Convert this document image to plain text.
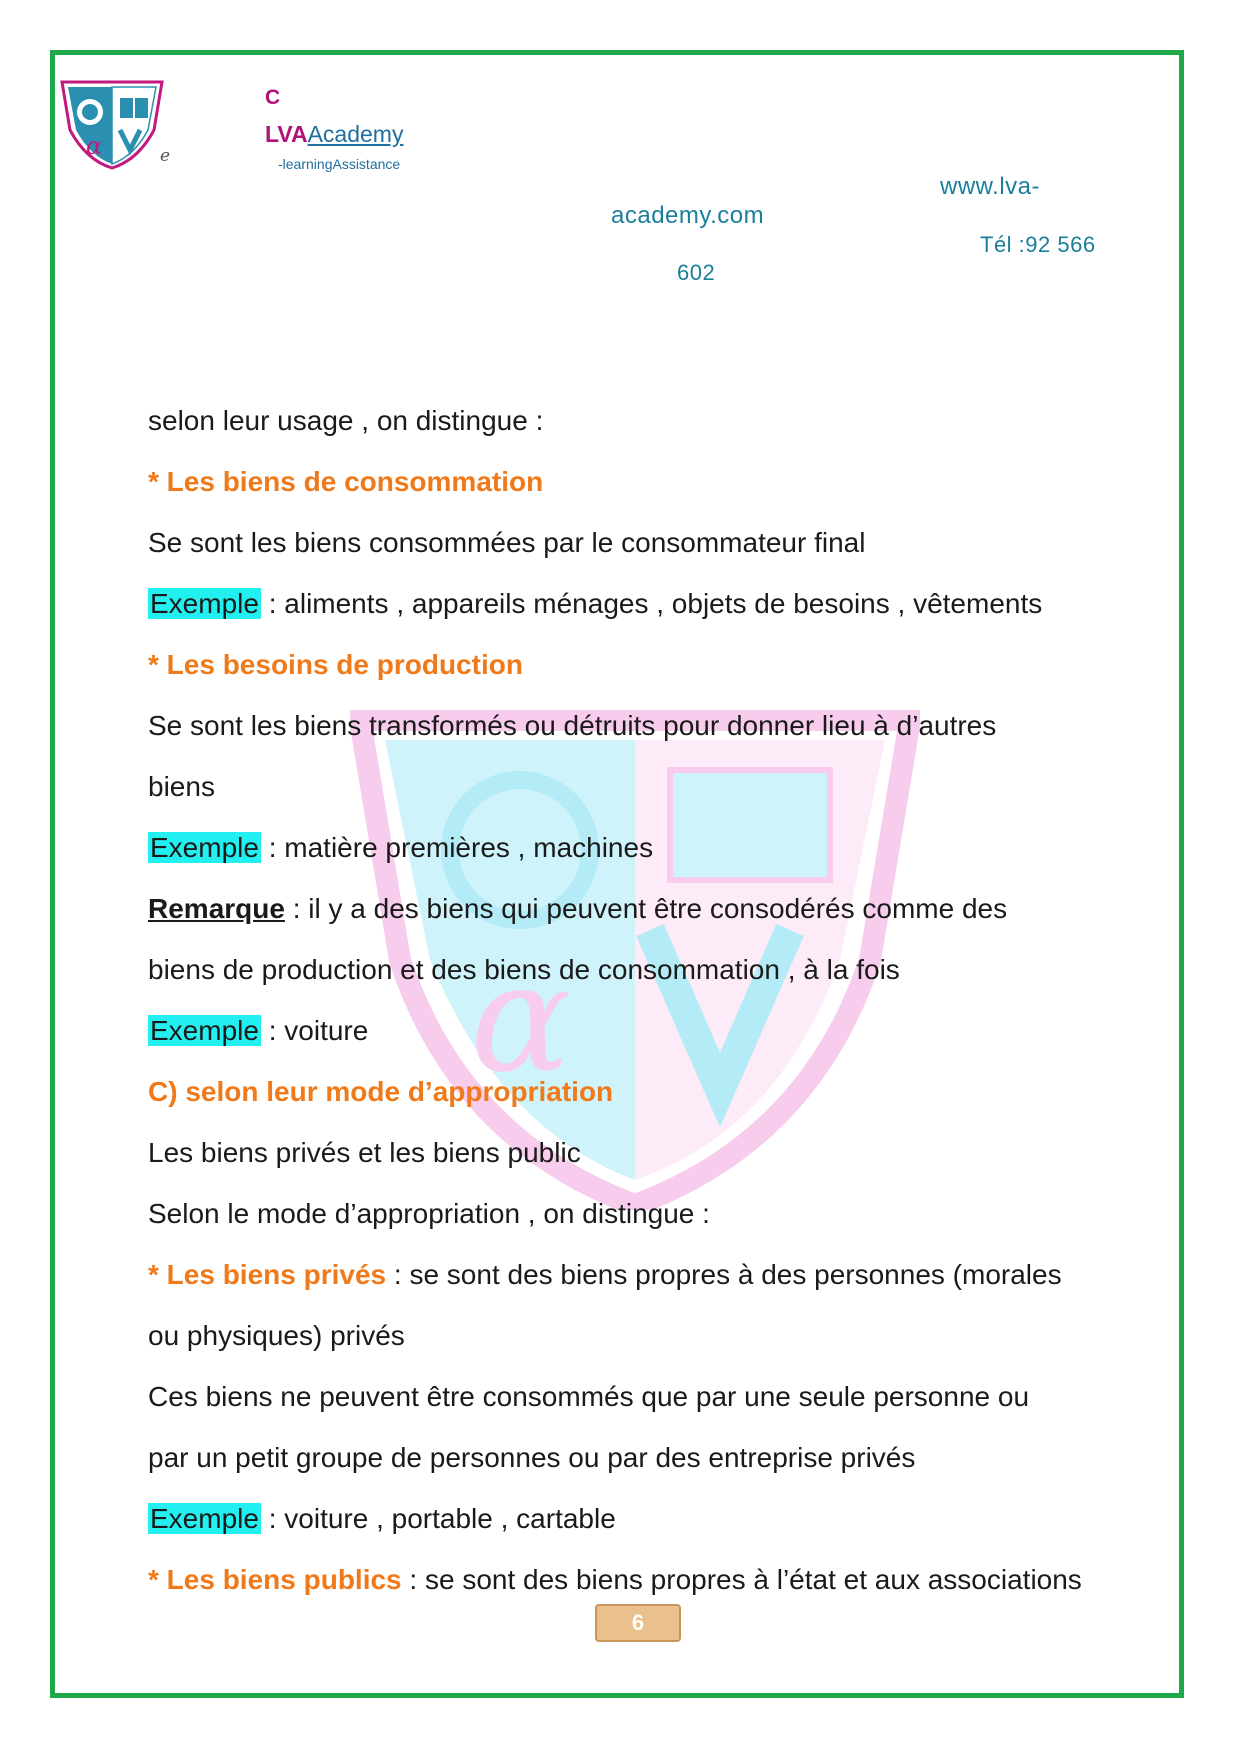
α	e
C
LVAAcademy
-learningAssistance
www.lva-
academy.com
Tél :92 566
602
α
selon leur usage , on distingue :
* Les biens de consommation
Se sont les biens consommées par le consommateur final
Exemple : aliments , appareils ménages , objets de besoins , vêtements
* Les besoins de production
Se sont les biens transformés ou détruits pour donner lieu à d’autres
biens
Exemple : matière premières , machines
Remarque : il y a des biens qui peuvent être consodérés comme des
biens de production et des biens de consommation , à la fois
Exemple : voiture
C) selon leur mode d’appropriation
Les biens privés et les biens public
Selon le mode d’appropriation , on distingue :
* Les biens privés : se sont des biens propres à des personnes (morales
ou physiques) privés
Ces biens ne peuvent être consommés que par une seule personne ou
par un petit groupe de personnes ou par des entreprise privés
Exemple : voiture , portable , cartable
* Les biens publics : se sont des biens propres à l’état et aux associations
6
